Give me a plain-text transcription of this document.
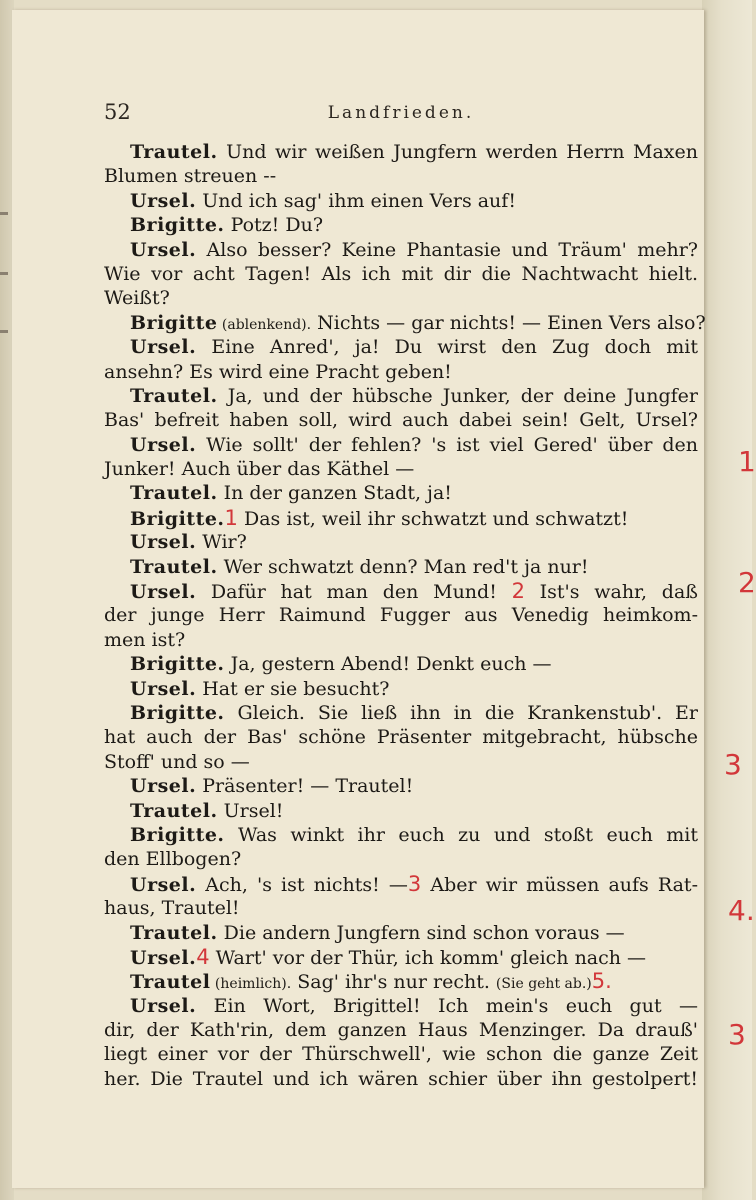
52	Landfrieden.
Trautel. Und wir weißen Jungfern werden Herrn Maxen
Blumen streuen --
Ursel. Und ich sag' ihm einen Vers auf!
Brigitte. Potz! Du?
Ursel. Also besser? Keine Phantasie und Träum' mehr?
Wie vor acht Tagen! Als ich mit dir die Nachtwacht hielt.
Weißt?
Brigitte (ablenkend). Nichts — gar nichts! — Einen Vers also?
Ursel. Eine Anred', ja! Du wirst den Zug doch mit
ansehn? Es wird eine Pracht geben!
Trautel. Ja, und der hübsche Junker, der deine Jungfer
Bas' befreit haben soll, wird auch dabei sein! Gelt, Ursel?
Ursel. Wie sollt' der fehlen? 's ist viel Gered' über den
Junker! Auch über das Käthel —
Trautel. In der ganzen Stadt, ja!
Brigitte.1 Das ist, weil ihr schwatzt und schwatzt!
Ursel. Wir?
Trautel. Wer schwatzt denn? Man red't ja nur!
Ursel. Dafür hat man den Mund! 2 Ist's wahr, daß
der junge Herr Raimund Fugger aus Venedig heimkom-
men ist?
Brigitte. Ja, gestern Abend! Denkt euch —
Ursel. Hat er sie besucht?
Brigitte. Gleich. Sie ließ ihn in die Krankenstub'. Er
hat auch der Bas' schöne Präsenter mitgebracht, hübsche
Stoff' und so —
Ursel. Präsenter! — Trautel!
Trautel. Ursel!
Brigitte. Was winkt ihr euch zu und stoßt euch mit
den Ellbogen?
Ursel. Ach, 's ist nichts! —3 Aber wir müssen aufs Rat-
haus, Trautel!
Trautel. Die andern Jungfern sind schon voraus —
Ursel.4 Wart' vor der Thür, ich komm' gleich nach —
Trautel (heimlich). Sag' ihr's nur recht. (Sie geht ab.)5.
Ursel. Ein Wort, Brigittel! Ich mein's euch gut —
dir, der Kath'rin, dem ganzen Haus Menzinger. Da drauß'
liegt einer vor der Thürschwell', wie schon die ganze Zeit
her. Die Trautel und ich wären schier über ihn gestolpert!
1
2
3
4.
3
